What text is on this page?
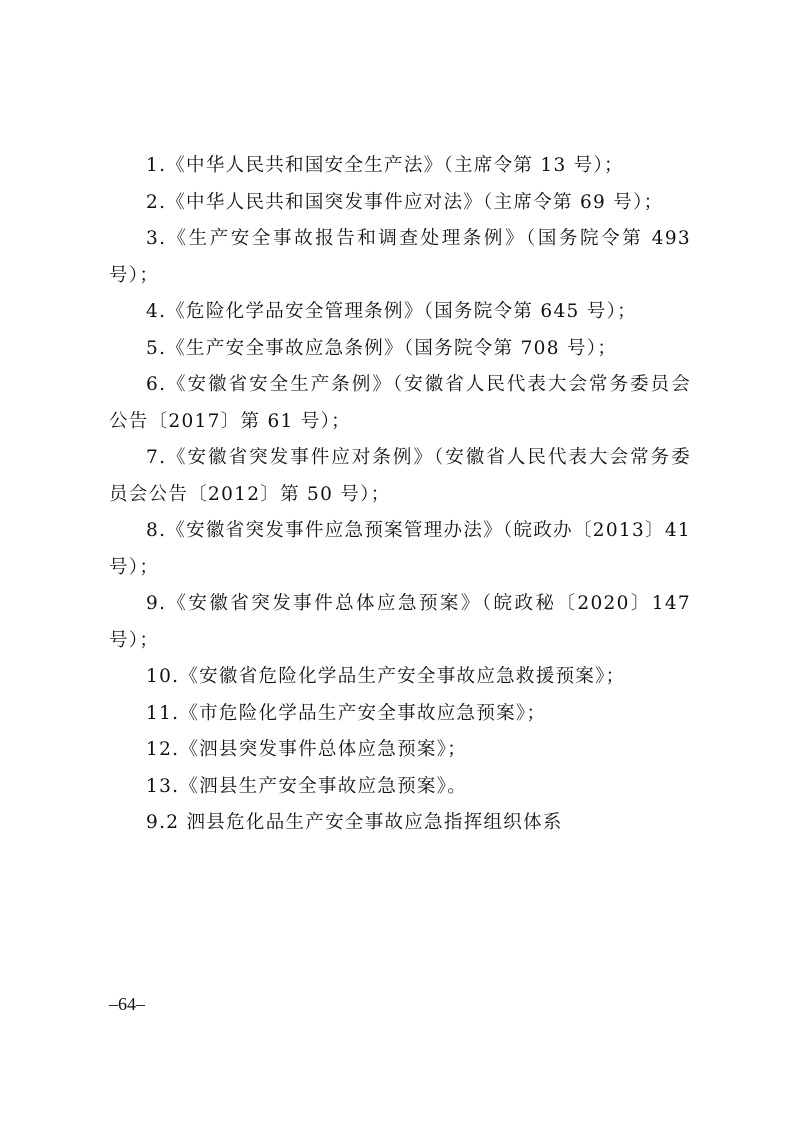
1.《中华人民共和国安全生产法》（主席令第 13 号）；

2.《中华人民共和国突发事件应对法》（主席令第 69 号）；

3.《生产安全事故报告和调查处理条例》（国务院令第 493 号）；

4.《危险化学品安全管理条例》（国务院令第 645 号）；

5.《生产安全事故应急条例》（国务院令第 708 号）；

6.《安徽省安全生产条例》（安徽省人民代表大会常务委员会公告〔2017〕第 61 号）；

7.《安徽省突发事件应对条例》（安徽省人民代表大会常务委员会公告〔2012〕第 50 号）；

8.《安徽省突发事件应急预案管理办法》（皖政办〔2013〕41 号）；

9.《安徽省突发事件总体应急预案》（皖政秘〔2020〕147 号）；

10.《安徽省危险化学品生产安全事故应急救援预案》；

11.《市危险化学品生产安全事故应急预案》；

12.《泗县突发事件总体应急预案》；

13.《泗县生产安全事故应急预案》。

9.2 泗县危化品生产安全事故应急指挥组织体系

–64–
